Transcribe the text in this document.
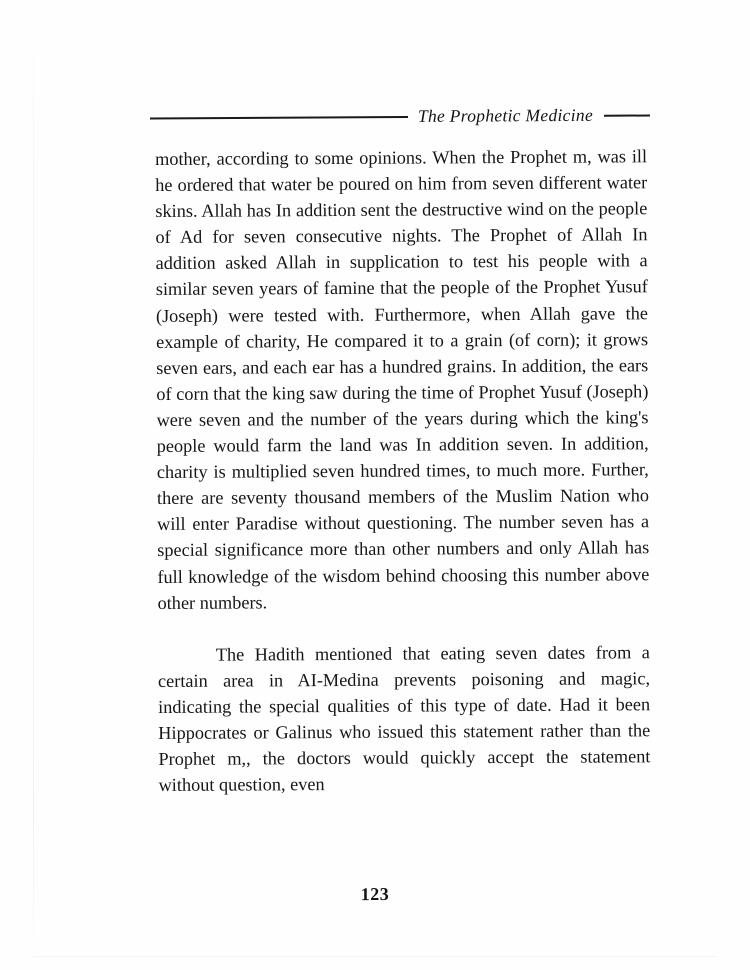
The Prophetic Medicine

mother, according to some opinions. When the Prophet m, was ill he ordered that water be poured on him from seven different water skins. Allah has In addition sent the destructive wind on the people of Ad for seven consecutive nights. The Prophet of Allah In addition asked Allah in supplication to test his people with a similar seven years of famine that the people of the Prophet Yusuf (Joseph) were tested with. Furthermore, when Allah gave the example of charity, He compared it to a grain (of corn); it grows seven ears, and each ear has a hundred grains. In addition, the ears of corn that the king saw during the time of Prophet Yusuf (Joseph) were seven and the number of the years during which the king's people would farm the land was In addition seven. In addition, charity is multiplied seven hundred times, to much more. Further, there are seventy thousand members of the Muslim Nation who will enter Paradise without questioning. The number seven has a special significance more than other numbers and only Allah has full knowledge of the wisdom behind choosing this number above other numbers.

The Hadith mentioned that eating seven dates from a certain area in AI-Medina prevents poisoning and magic, indicating the special qualities of this type of date. Had it been Hippocrates or Galinus who issued this statement rather than the Prophet m,, the doctors would quickly accept the statement without question, even

123
